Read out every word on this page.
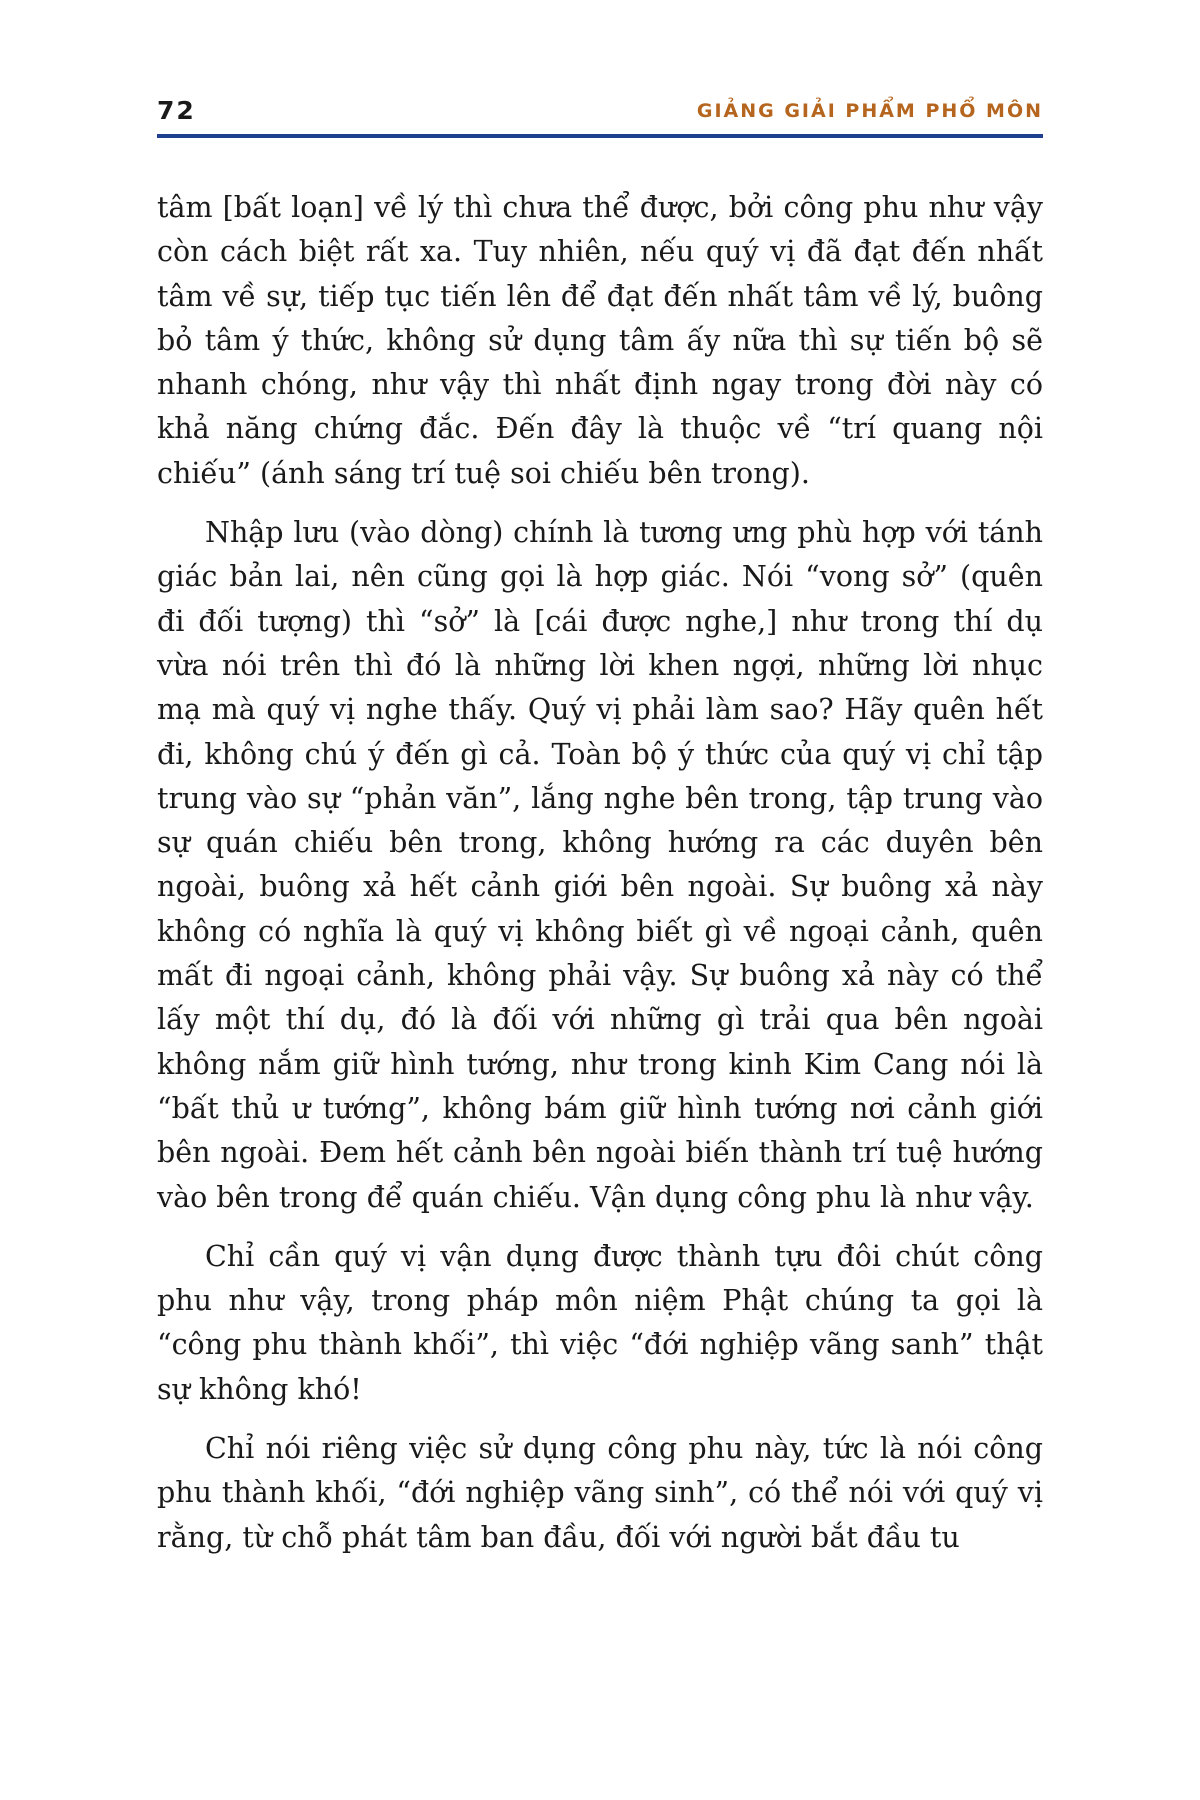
72	GIẢNG GIẢI PHẨM PHỔ MÔN

tâm [bất loạn] về lý thì chưa thể được, bởi công phu như vậy còn cách biệt rất xa. Tuy nhiên, nếu quý vị đã đạt đến nhất tâm về sự, tiếp tục tiến lên để đạt đến nhất tâm về lý, buông bỏ tâm ý thức, không sử dụng tâm ấy nữa thì sự tiến bộ sẽ nhanh chóng, như vậy thì nhất định ngay trong đời này có khả năng chứng đắc. Đến đây là thuộc về “trí quang nội chiếu” (ánh sáng trí tuệ soi chiếu bên trong).

Nhập lưu (vào dòng) chính là tương ưng phù hợp với tánh giác bản lai, nên cũng gọi là hợp giác. Nói “vong sở” (quên đi đối tượng) thì “sở” là [cái được nghe,] như trong thí dụ vừa nói trên thì đó là những lời khen ngợi, những lời nhục mạ mà quý vị nghe thấy. Quý vị phải làm sao? Hãy quên hết đi, không chú ý đến gì cả. Toàn bộ ý thức của quý vị chỉ tập trung vào sự “phản văn”, lắng nghe bên trong, tập trung vào sự quán chiếu bên trong, không hướng ra các duyên bên ngoài, buông xả hết cảnh giới bên ngoài. Sự buông xả này không có nghĩa là quý vị không biết gì về ngoại cảnh, quên mất đi ngoại cảnh, không phải vậy. Sự buông xả này có thể lấy một thí dụ, đó là đối với những gì trải qua bên ngoài không nắm giữ hình tướng, như trong kinh Kim Cang nói là “bất thủ ư tướng”, không bám giữ hình tướng nơi cảnh giới bên ngoài. Đem hết cảnh bên ngoài biến thành trí tuệ hướng vào bên trong để quán chiếu. Vận dụng công phu là như vậy.

Chỉ cần quý vị vận dụng được thành tựu đôi chút công phu như vậy, trong pháp môn niệm Phật chúng ta gọi là “công phu thành khối”, thì việc “đới nghiệp vãng sanh” thật sự không khó!

Chỉ nói riêng việc sử dụng công phu này, tức là nói công phu thành khối, “đới nghiệp vãng sinh”, có thể nói với quý vị rằng, từ chỗ phát tâm ban đầu, đối với người bắt đầu tu
